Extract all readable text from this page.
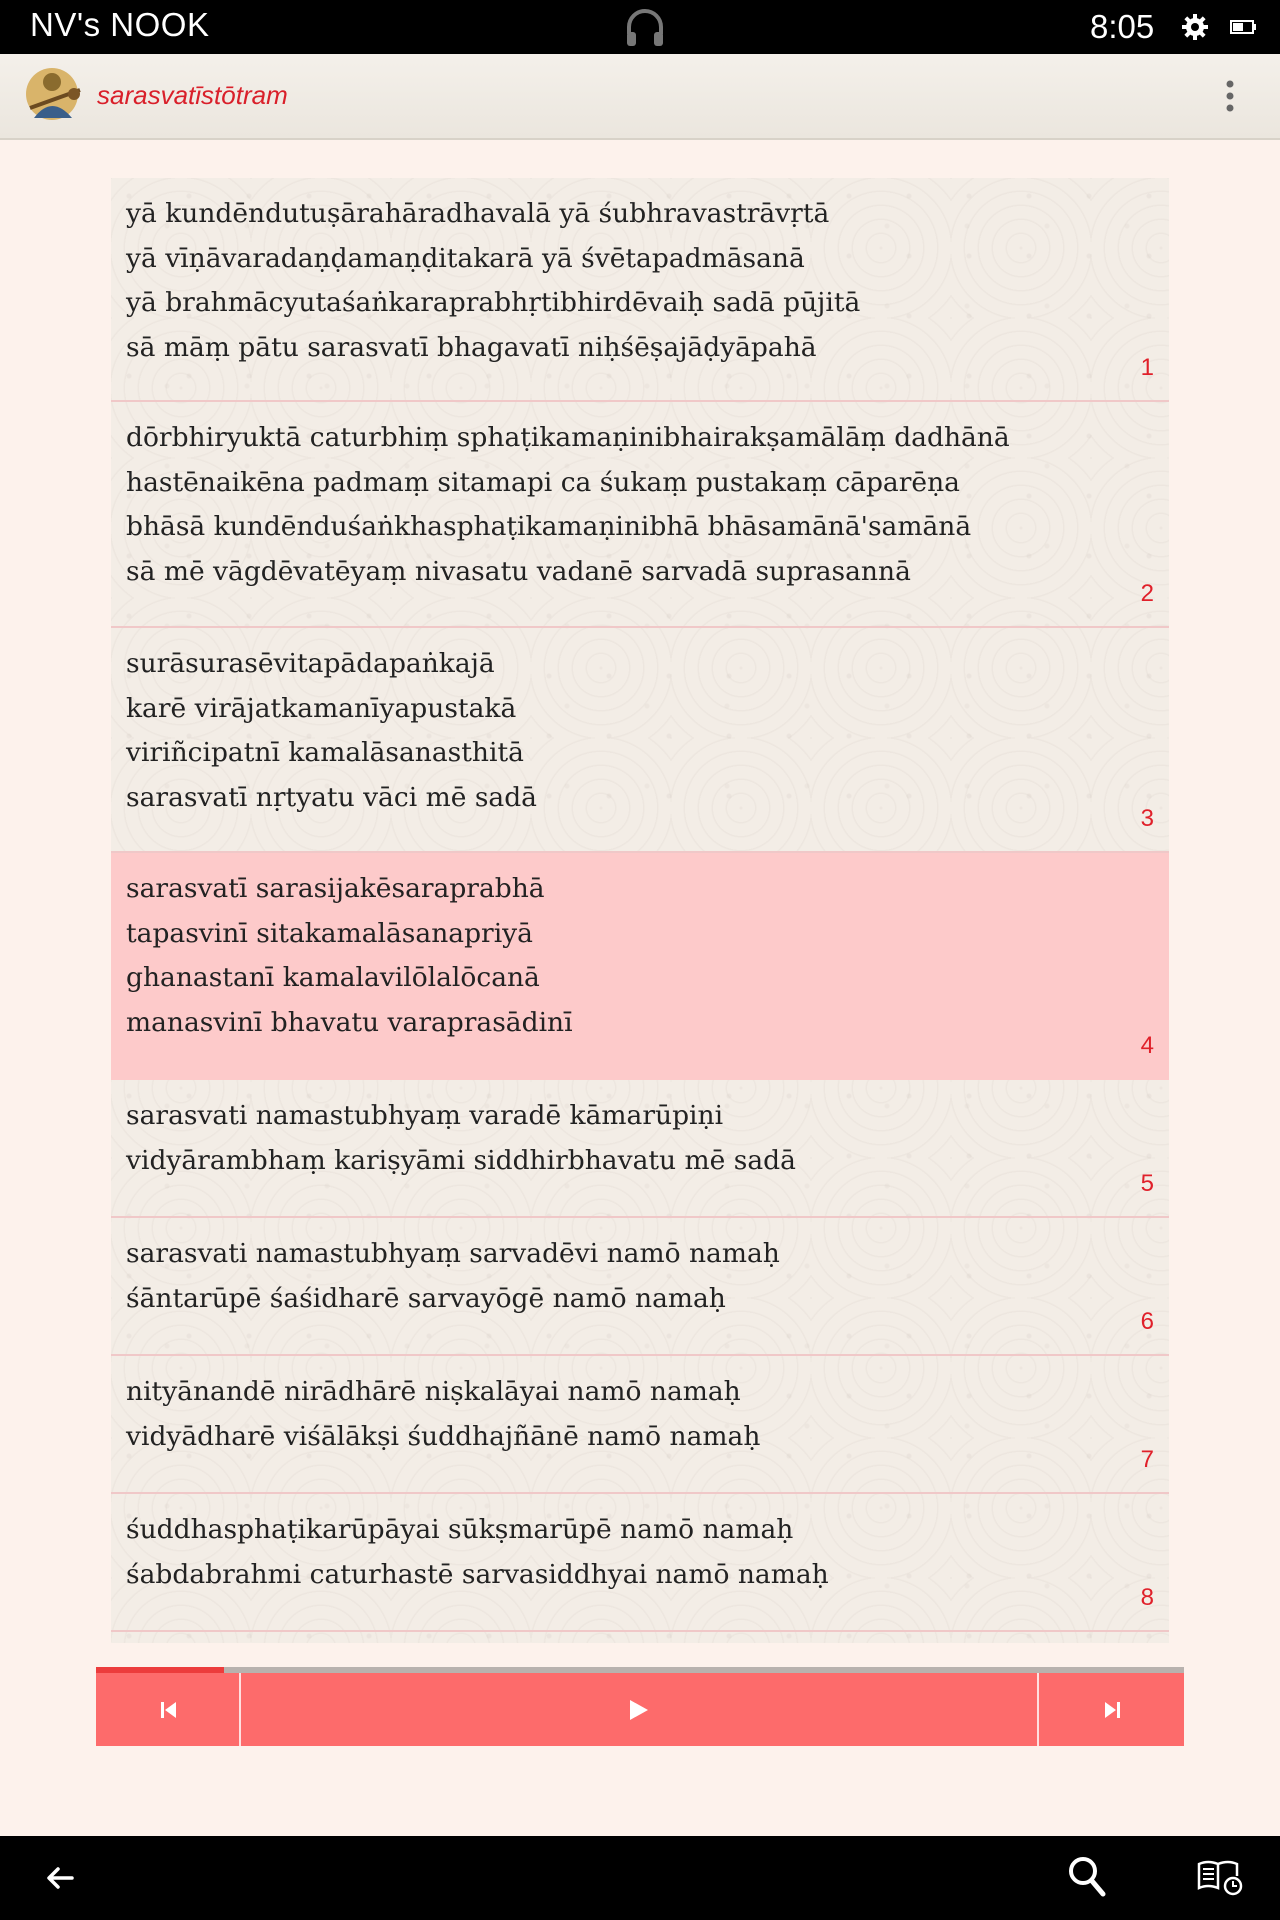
NV's NOOK	8:05
sarasvatīstōtram
yā kundēndutuṣārahāradhavalā yā śubhravastrāvṛtā
yā vīṇāvaradaṇḍamaṇḍitakarā yā śvētapadmāsanā
yā brahmācyutaśaṅkaraprabhṛtibhirdēvaiḥ sadā pūjitā
sā māṃ pātu sarasvatī bhagavatī niḥśēṣajāḍyāpahā
1
dōrbhiryuktā caturbhiṃ sphaṭikamaṇinibhairakṣamālāṃ dadhānā
hastēnaikēna padmaṃ sitamapi ca śukaṃ pustakaṃ cāparēṇa
bhāsā kundēnduśaṅkhasphaṭikamaṇinibhā bhāsamānā'samānā
sā mē vāgdēvatēyaṃ nivasatu vadanē sarvadā suprasannā
2
surāsurasēvitapādapaṅkajā
karē virājatkamanīyapustakā
viriñcipatnī kamalāsanasthitā
sarasvatī nṛtyatu vāci mē sadā
3
sarasvatī sarasijakēsaraprabhā
tapasvinī sitakamalāsanapriyā
ghanastanī kamalavilōlalōcanā
manasvinī bhavatu varaprasādinī
4
sarasvati namastubhyaṃ varadē kāmarūpiṇi
vidyārambhaṃ kariṣyāmi siddhirbhavatu mē sadā
5
sarasvati namastubhyaṃ sarvadēvi namō namaḥ
śāntarūpē śaśidharē sarvayōgē namō namaḥ
6
nityānandē nirādhārē niṣkalāyai namō namaḥ
vidyādharē viśālākṣi śuddhajñānē namō namaḥ
7
śuddhasphaṭikarūpāyai sūkṣmarūpē namō namaḥ
śabdabrahmi caturhastē sarvasiddhyai namō namaḥ
8
